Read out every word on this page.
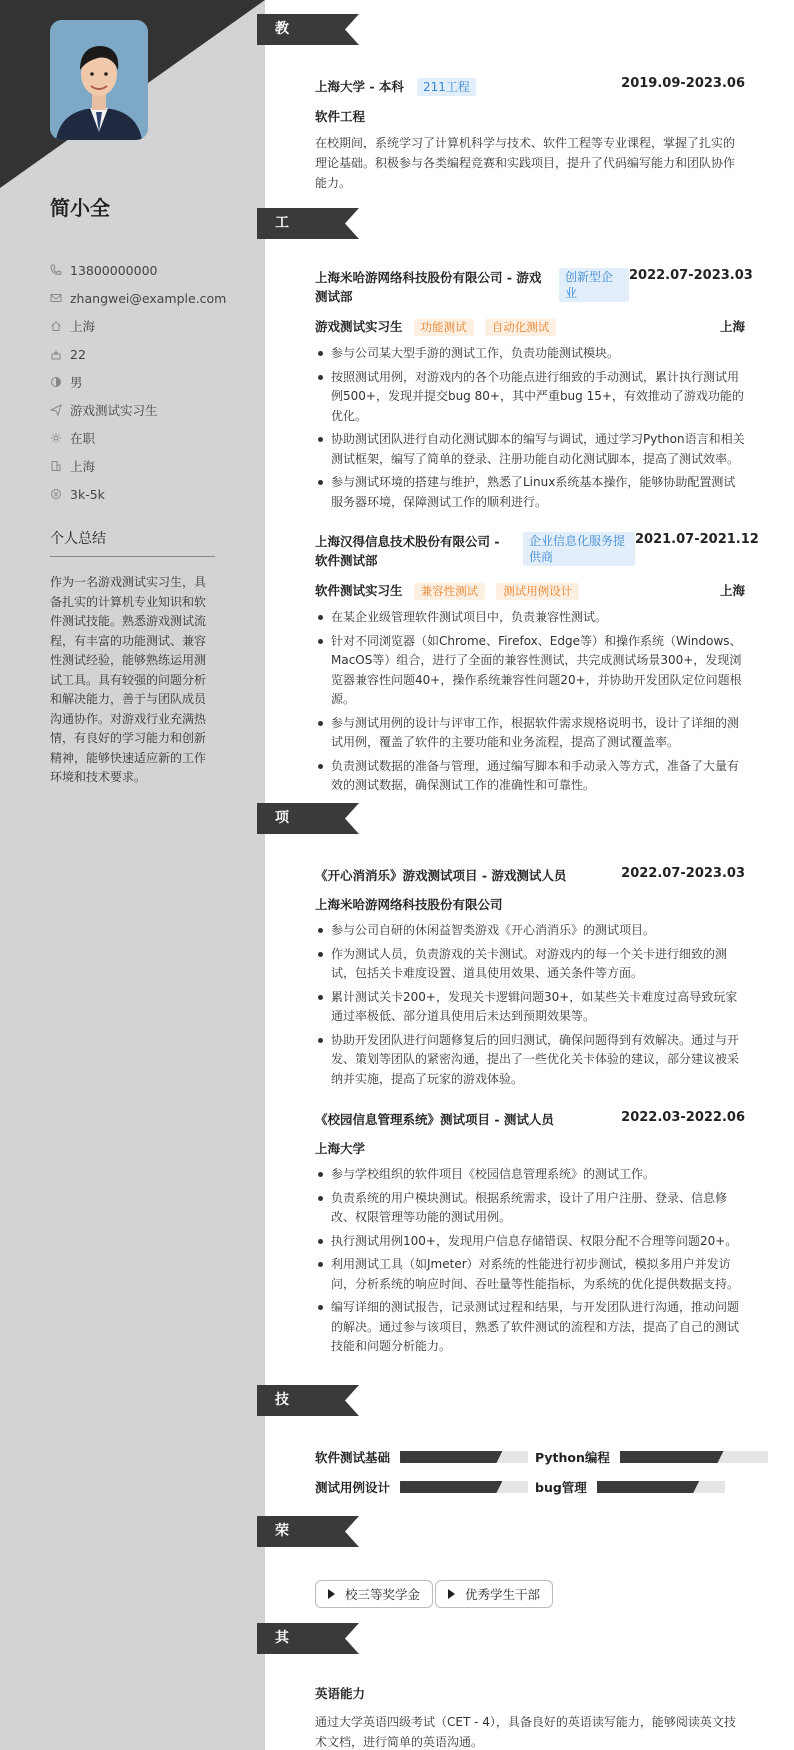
简小全
13800000000
zhangwei@example.com
上海
22
男
游戏测试实习生
在职
上海
3k-5k
个人总结
作为一名游戏测试实习生，具备扎实的计算机专业知识和软件测试技能。熟悉游戏测试流程，有丰富的功能测试、兼容性测试经验，能够熟练运用测试工具。具有较强的问题分析和解决能力，善于与团队成员沟通协作。对游戏行业充满热情，有良好的学习能力和创新精神，能够快速适应新的工作环境和技术要求。
教育经历
上海大学 - 本科 211工程	2019.09-2023.06
软件工程
在校期间，系统学习了计算机科学与技术、软件工程等专业课程，掌握了扎实的理论基础。积极参与各类编程竞赛和实践项目，提升了代码编写能力和团队协作能力。
工作经历
上海米哈游网络科技股份有限公司 - 游戏测试部
创新型企业
2022.07-2023.03
游戏测试实习生 功能测试 自动化测试	上海
参与公司某大型手游的测试工作，负责功能测试模块。
按照测试用例，对游戏内的各个功能点进行细致的手动测试，累计执行测试用例500+，发现并提交bug 80+，其中严重bug 15+，有效推动了游戏功能的优化。
协助测试团队进行自动化测试脚本的编写与调试，通过学习Python语言和相关测试框架，编写了简单的登录、注册功能自动化测试脚本，提高了测试效率。
参与测试环境的搭建与维护，熟悉了Linux系统基本操作，能够协助配置测试服务器环境，保障测试工作的顺利进行。
上海汉得信息技术股份有限公司 - 软件测试部
企业信息化服务提供商
2021.07-2021.12
软件测试实习生 兼容性测试 测试用例设计	上海
在某企业级管理软件测试项目中，负责兼容性测试。
针对不同浏览器（如Chrome、Firefox、Edge等）和操作系统（Windows、MacOS等）组合，进行了全面的兼容性测试，共完成测试场景300+，发现浏览器兼容性问题40+，操作系统兼容性问题20+，并协助开发团队定位问题根源。
参与测试用例的设计与评审工作，根据软件需求规格说明书，设计了详细的测试用例，覆盖了软件的主要功能和业务流程，提高了测试覆盖率。
负责测试数据的准备与管理，通过编写脚本和手动录入等方式，准备了大量有效的测试数据，确保测试工作的准确性和可靠性。
项目经历
《开心消消乐》游戏测试项目 - 游戏测试人员	2022.07-2023.03
上海米哈游网络科技股份有限公司
参与公司自研的休闲益智类游戏《开心消消乐》的测试项目。
作为测试人员，负责游戏的关卡测试。对游戏内的每一个关卡进行细致的测试，包括关卡难度设置、道具使用效果、通关条件等方面。
累计测试关卡200+，发现关卡逻辑问题30+，如某些关卡难度过高导致玩家通过率极低、部分道具使用后未达到预期效果等。
协助开发团队进行问题修复后的回归测试，确保问题得到有效解决。通过与开发、策划等团队的紧密沟通，提出了一些优化关卡体验的建议，部分建议被采纳并实施，提高了玩家的游戏体验。
《校园信息管理系统》测试项目 - 测试人员	2022.03-2022.06
上海大学
参与学校组织的软件项目《校园信息管理系统》的测试工作。
负责系统的用户模块测试。根据系统需求，设计了用户注册、登录、信息修改、权限管理等功能的测试用例。
执行测试用例100+，发现用户信息存储错误、权限分配不合理等问题20+。
利用测试工具（如Jmeter）对系统的性能进行初步测试，模拟多用户并发访问，分析系统的响应时间、吞吐量等性能指标，为系统的优化提供数据支持。
编写详细的测试报告，记录测试过程和结果，与开发团队进行沟通，推动问题的解决。通过参与该项目，熟悉了软件测试的流程和方法，提高了自己的测试技能和问题分析能力。
技能专长
软件测试基础	Python编程
测试用例设计	bug管理
荣誉奖	校三等奖学金	优秀学生干部
其他信息
英语能力
通过大学英语四级考试（CET - 4），具备良好的英语读写能力，能够阅读英文技术文档，进行简单的英语沟通。
